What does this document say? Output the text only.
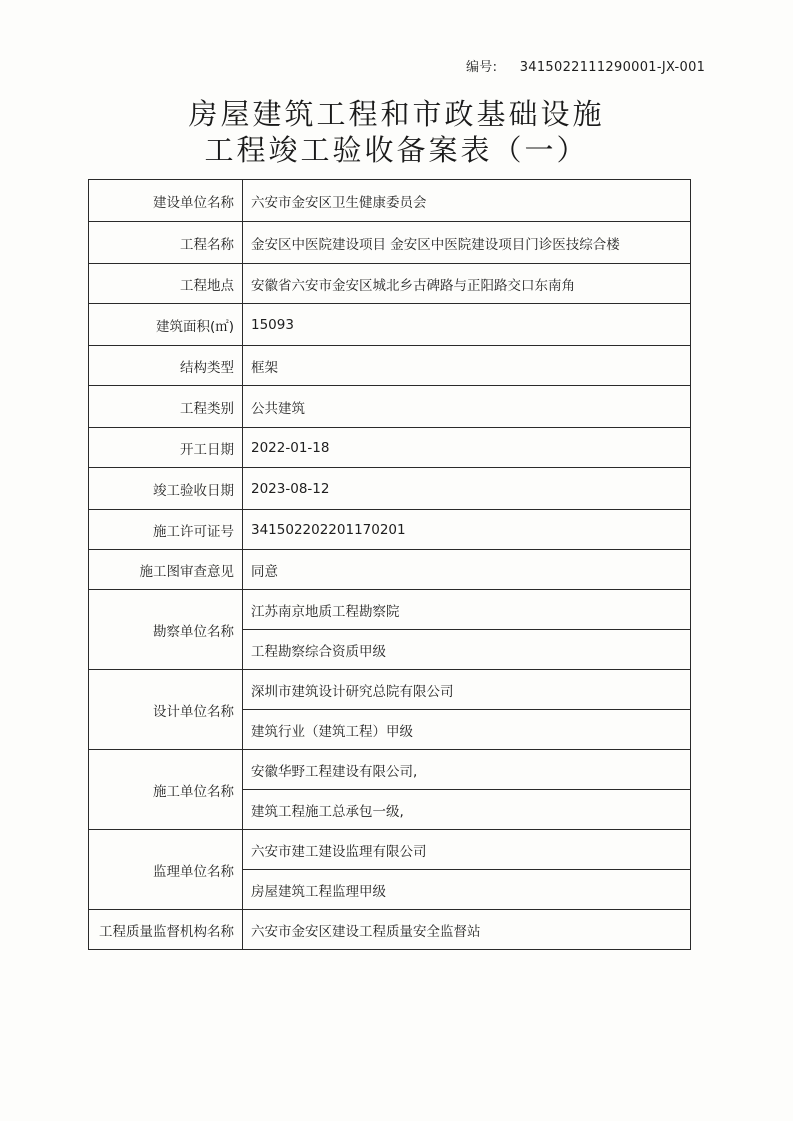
编号: 3415022111290001-JX-001
房屋建筑工程和市政基础设施
工程竣工验收备案表（一）
建设单位名称	六安市金安区卫生健康委员会
工程名称	金安区中医院建设项目 金安区中医院建设项目门诊医技综合楼
工程地点	安徽省六安市金安区城北乡古碑路与正阳路交口东南角
建筑面积(㎡)	15093
结构类型	框架
工程类别	公共建筑
开工日期	2022-01-18
竣工验收日期	2023-08-12
施工许可证号	341502202201170201
施工图审查意见	同意
勘察单位名称	江苏南京地质工程勘察院
	工程勘察综合资质甲级
设计单位名称	深圳市建筑设计研究总院有限公司
	建筑行业（建筑工程）甲级
施工单位名称	安徽华野工程建设有限公司,
	建筑工程施工总承包一级,
监理单位名称	六安市建工建设监理有限公司
	房屋建筑工程监理甲级
工程质量监督机构名称	六安市金安区建设工程质量安全监督站
